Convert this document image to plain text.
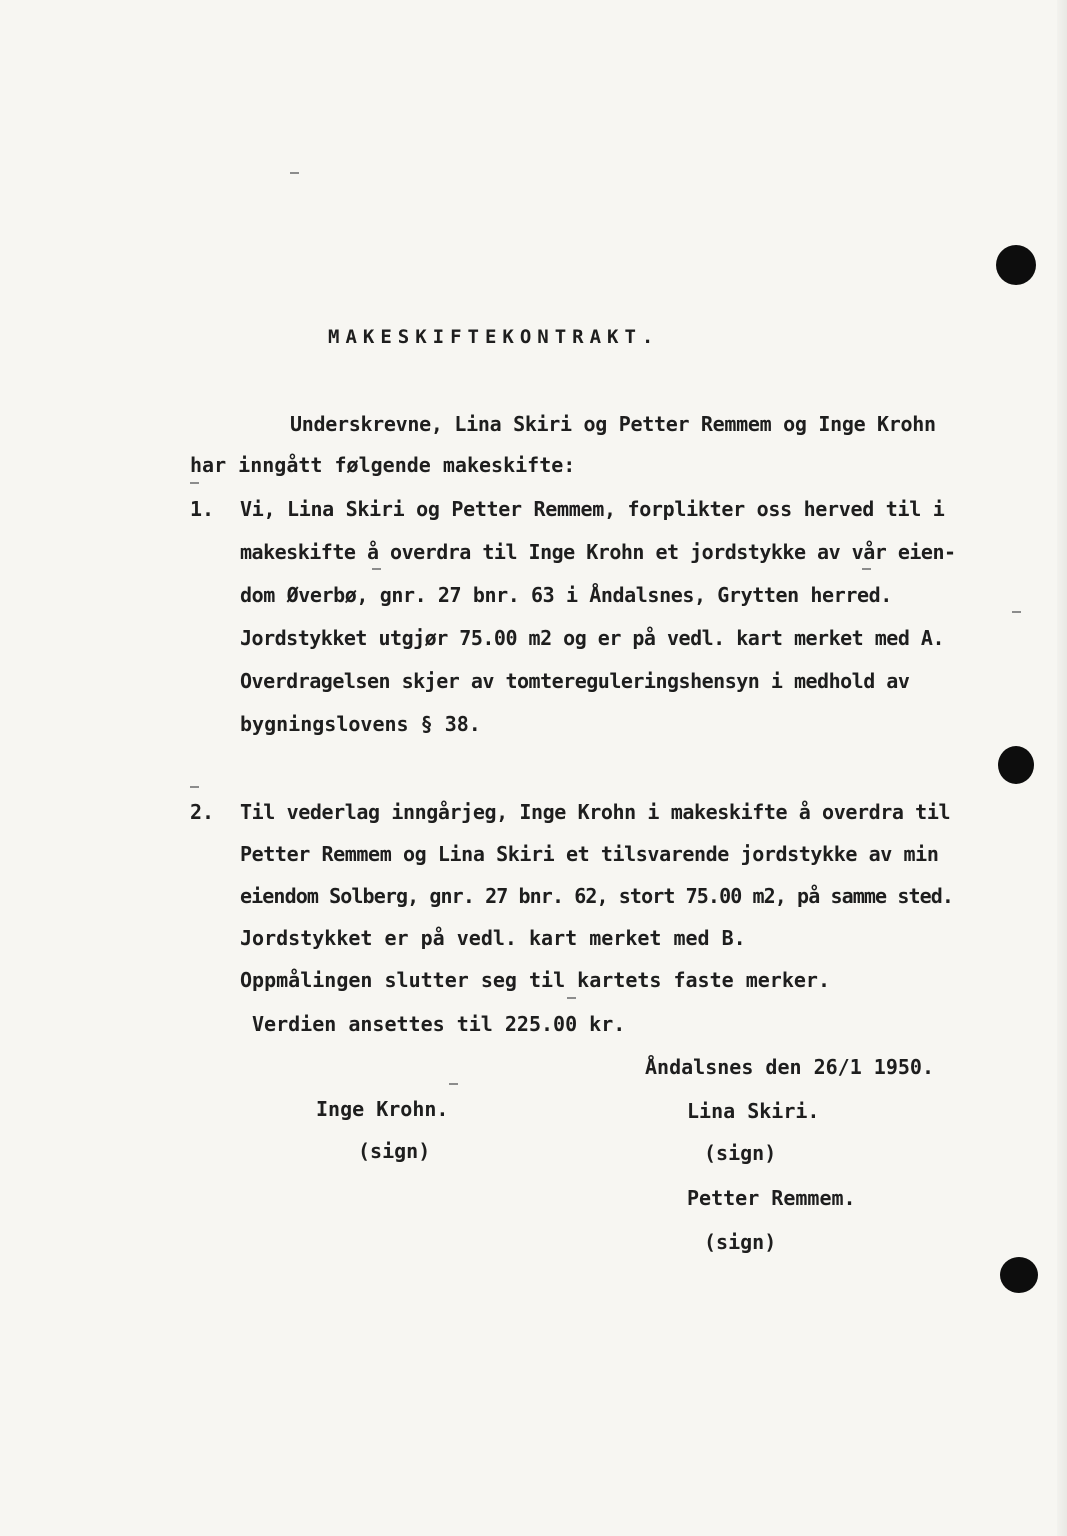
MAKESKIFTEKONTRAKT.
Underskrevne, Lina Skiri og Petter Remmem og Inge Krohn
har inngått følgende makeskifte:
1. Vi, Lina Skiri og Petter Remmem, forplikter oss herved til i
makeskifte å overdra til Inge Krohn et jordstykke av vår eien-
dom Øverbø, gnr. 27 bnr. 63 i Åndalsnes, Grytten herred.
Jordstykket utgjør 75.00 m2 og er på vedl. kart merket med A.
Overdragelsen skjer av tomtereguleringshensyn i medhold av
bygningslovens § 38.
2. Til vederlag inngårjeg, Inge Krohn i makeskifte å overdra til
Petter Remmem og Lina Skiri et tilsvarende jordstykke av min
eiendom Solberg, gnr. 27 bnr. 62, stort 75.00 m2, på samme sted.
Jordstykket er på vedl. kart merket med B.
Oppmålingen slutter seg til kartets faste merker.
Verdien ansettes til 225.00 kr.
Åndalsnes den 26/1 1950.
Inge Krohn.
(sign)
Lina Skiri.
(sign)
Petter Remmem.
(sign)
